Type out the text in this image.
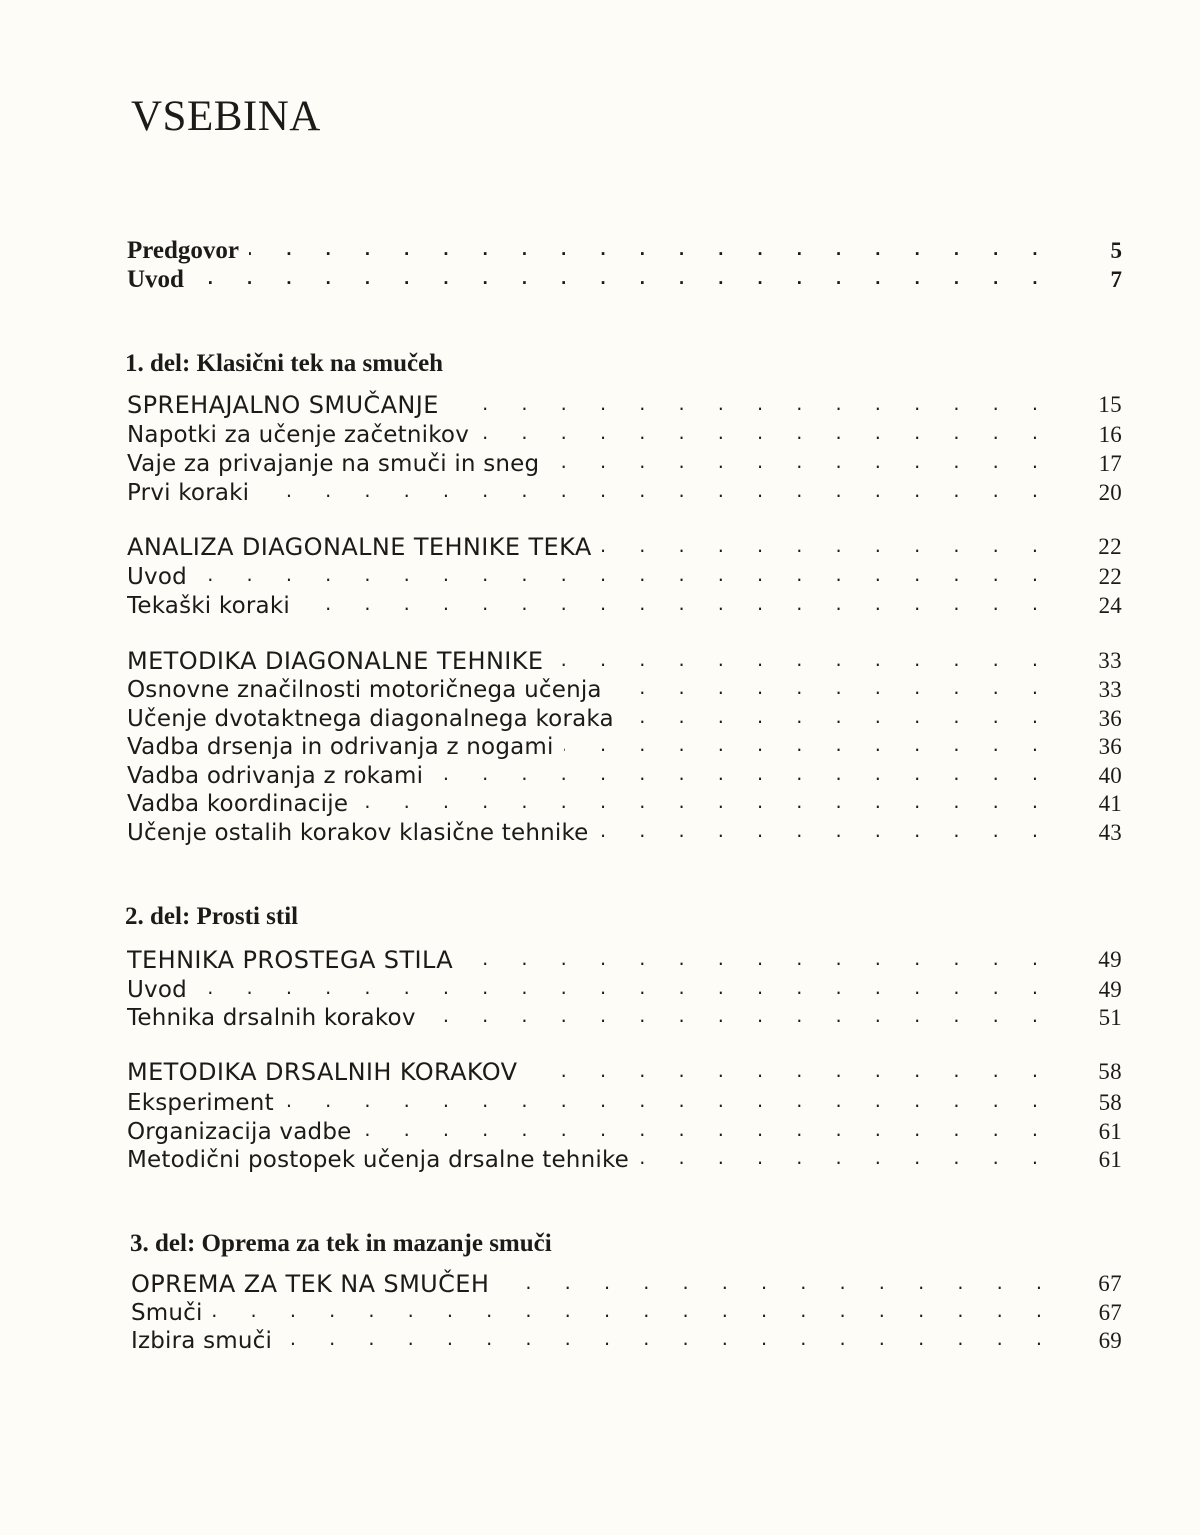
VSEBINA
. . .
Predgovor	5
. . .
Uvod	7
1. del: Klasični tek na smučeh
. . .
SPREHAJALNO SMUČANJE	15
. . .
Napotki za učenje začetnikov	16
. . .
Vaje za privajanje na smuči in sneg	17
. . .
Prvi koraki	20
. . .
ANALIZA DIAGONALNE TEHNIKE TEKA	22
. . .
Uvod	22
. . .
Tekaški koraki	24
. . .
METODIKA DIAGONALNE TEHNIKE	33
. . .
Osnovne značilnosti motoričnega učenja	33
. . .
Učenje dvotaktnega diagonalnega koraka	36
. . .
Vadba drsenja in odrivanja z nogami	36
. . .
Vadba odrivanja z rokami	40
. . .
Vadba koordinacije	41
. . .
Učenje ostalih korakov klasične tehnike	43
2. del: Prosti stil
. . .
TEHNIKA PROSTEGA STILA	49
. . .
Uvod	49
. . .
Tehnika drsalnih korakov	51
. . .
METODIKA DRSALNIH KORAKOV	58
. . .
Eksperiment	58
. . .
Organizacija vadbe	61
. . .
Metodični postopek učenja drsalne tehnike	61
3. del: Oprema za tek in mazanje smuči
. . .
OPREMA ZA TEK NA SMUČEH	67
. . .
Smuči	67
. . .
Izbira smuči	69
